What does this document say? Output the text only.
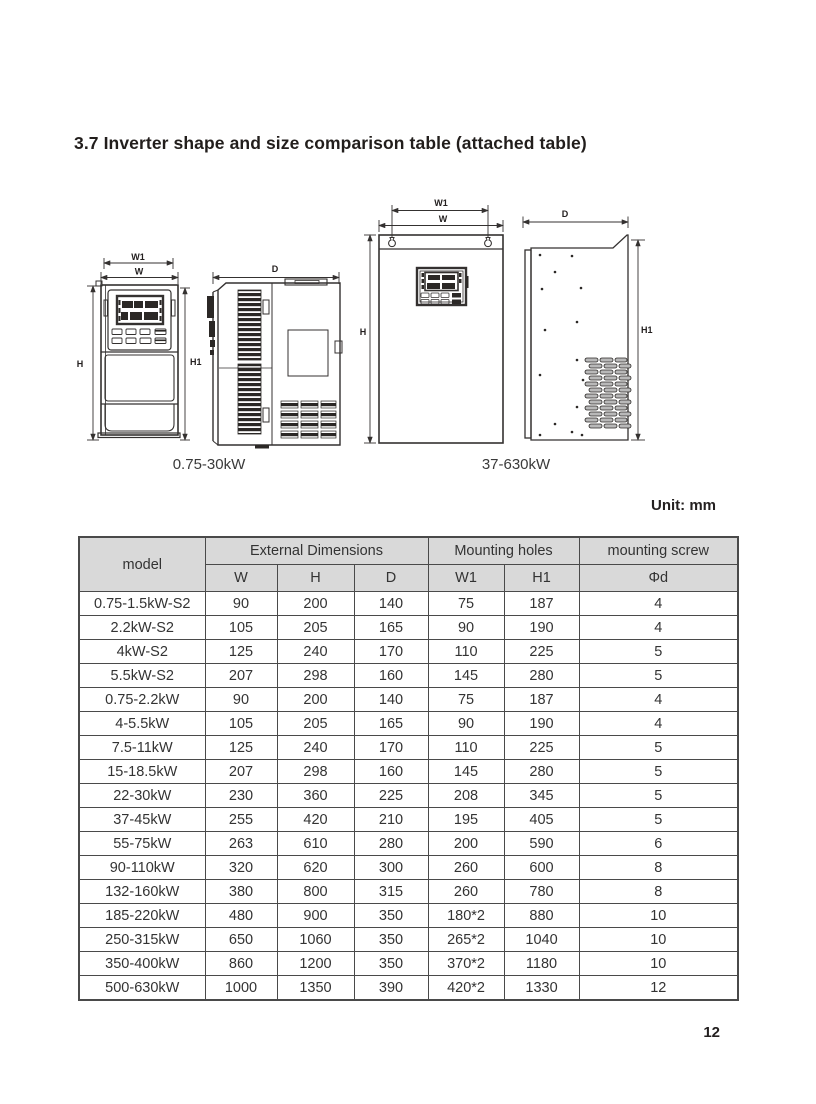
3.7 Inverter shape and size comparison table (attached table)
W1
W
H	H1
D
W1
W
H
D
H1
0.75-30kW	37-630kW
Unit: mm
model	External Dimensions			Mounting holes		mounting screw
	W	H	D	W1	H1	Φd
0.75-1.5kW-S2	90	200	140	75	187	4
2.2kW-S2	105	205	165	90	190	4
4kW-S2	125	240	170	110	225	5
5.5kW-S2	207	298	160	145	280	5
0.75-2.2kW	90	200	140	75	187	4
4-5.5kW	105	205	165	90	190	4
7.5-11kW	125	240	170	110	225	5
15-18.5kW	207	298	160	145	280	5
22-30kW	230	360	225	208	345	5
37-45kW	255	420	210	195	405	5
55-75kW	263	610	280	200	590	6
90-110kW	320	620	300	260	600	8
132-160kW	380	800	315	260	780	8
185-220kW	480	900	350	180*2	880	10
250-315kW	650	1060	350	265*2	1040	10
350-400kW	860	1200	350	370*2	1180	10
500-630kW	1000	1350	390	420*2	1330	12
12
